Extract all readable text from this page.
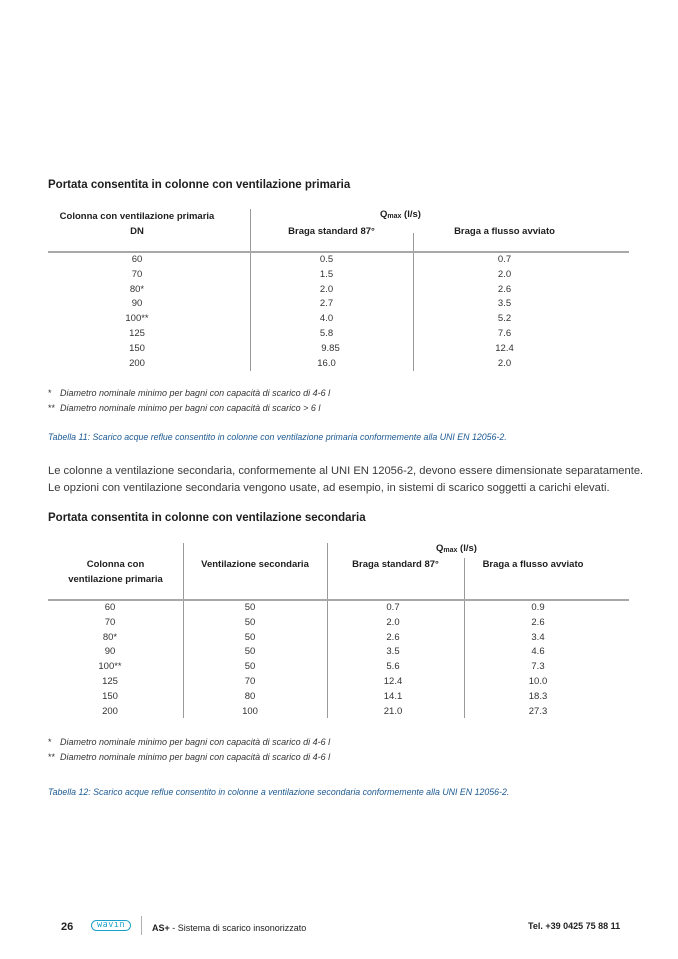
Portata consentita in colonne con ventilazione primaria
Colonna con ventilazione primaria
DN
$Q_{max}$ (l/s)
Braga standard 87°	Braga a flusso avviato
60	0.5	0.7
70	1.5	2.0
80*	2.0	2.6
90	2.7	3.5
100**	4.0	5.2
125	5.8	7.6
150	9.85	12.4
200	16.0	2.0
* Diametro nominale minimo per bagni con capacità di scarico di 4-6 l
** Diametro nominale minimo per bagni con capacità di scarico > 6 l
Tabella 11: Scarico acque reflue consentito in colonne con ventilazione primaria conformemente alla UNI EN 12056-2.
Le colonne a ventilazione secondaria, conformemente al UNI EN 12056-2, devono essere dimensionate separatamente.
Le opzioni con ventilazione secondaria vengono usate, ad esempio, in sistemi di scarico soggetti a carichi elevati.
Portata consentita in colonne con ventilazione secondaria
Colonna con
ventilazione primaria
Ventilazione secondaria
$Q_{max}$ (l/s)
Braga standard 87°	Braga a flusso avviato
60	50	0.7	0.9
70	50	2.0	2.6
80*	50	2.6	3.4
90	50	3.5	4.6
100**	50	5.6	7.3
125	70	12.4	10.0
150	80	14.1	18.3
200	100	21.0	27.3
* Diametro nominale minimo per bagni con capacità di scarico di 4-6 l
** Diametro nominale minimo per bagni con capacità di scarico di 4-6 l
Tabella 12: Scarico acque reflue consentito in colonne a ventilazione secondaria conformemente alla UNI EN 12056-2.
26	wavin	AS+ - Sistema di scarico insonorizzato	Tel. +39 0425 75 88 11
